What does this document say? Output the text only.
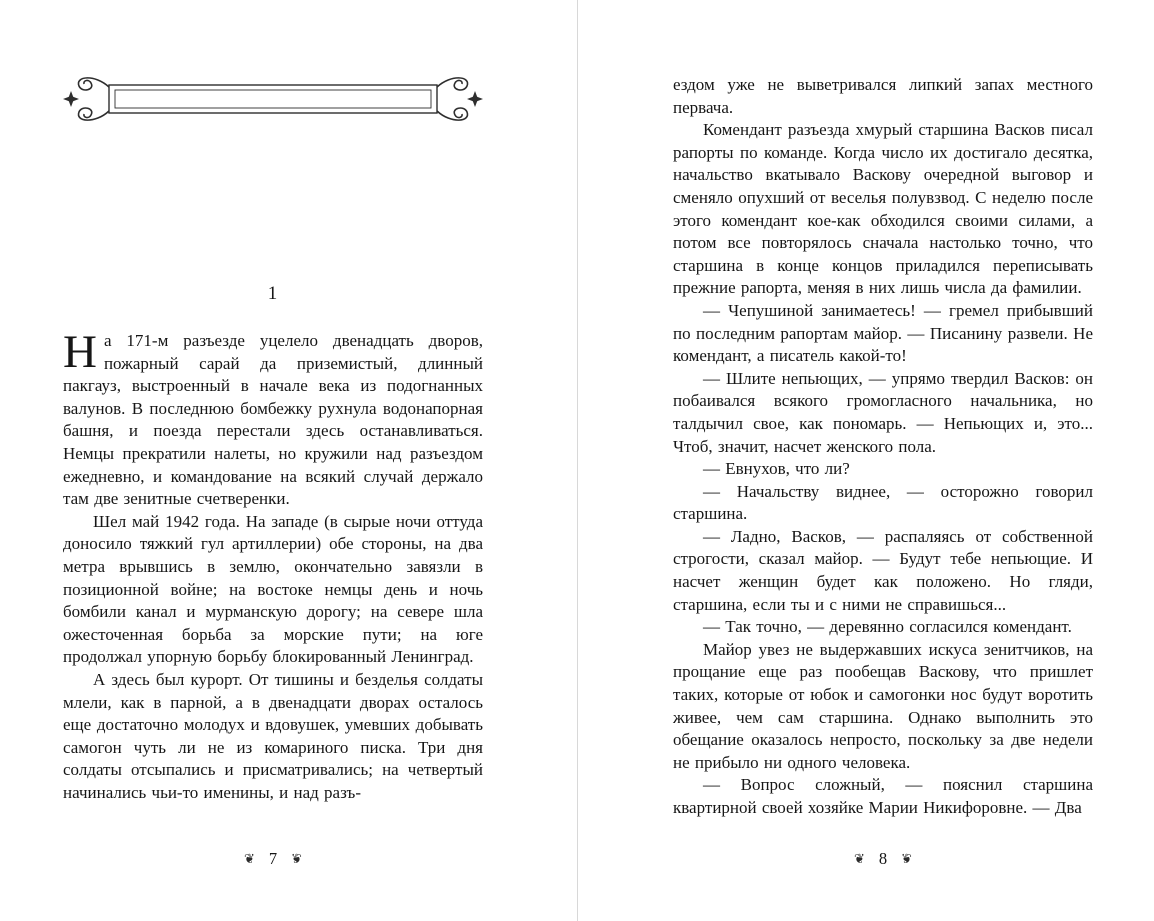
1

На 171-м разъезде уцелело двенадцать дворов, пожарный сарай да приземистый, длинный пакгауз, выстроенный в начале века из подогнанных валунов. В последнюю бомбежку рухнула водонапорная башня, и поезда перестали здесь останавливаться. Немцы прекратили налеты, но кружили над разъездом ежедневно, и командование на всякий случай держало там две зенитные счетверенки.

Шел май 1942 года. На западе (в сырые ночи оттуда доносило тяжкий гул артиллерии) обе стороны, на два метра врывшись в землю, окончательно завязли в позиционной войне; на востоке немцы день и ночь бомбили канал и мурманскую дорогу; на севере шла ожесточенная борьба за морские пути; на юге продолжал упорную борьбу блокированный Ленинград.

А здесь был курорт. От тишины и безделья солдаты млели, как в парной, а в двенадцати дворах осталось еще достаточно молодух и вдовушек, умевших добывать самогон чуть ли не из комариного писка. Три дня солдаты отсыпались и присматривались; на четвертый начинались чьи-то именины, и над разъ-

❦ 7 ❦

ездом уже не выветривался липкий запах местного первача.

Комендант разъезда хмурый старшина Васков писал рапорты по команде. Когда число их достигало десятка, начальство вкатывало Васкову очередной выговор и сменяло опухший от веселья полувзвод. С неделю после этого комендант кое-как обходился своими силами, а потом все повторялось сначала настолько точно, что старшина в конце концов приладился переписывать прежние рапорта, меняя в них лишь числа да фамилии.

— Чепушиной занимаетесь! — гремел прибывший по последним рапортам майор. — Писанину развели. Не комендант, а писатель какой-то!

— Шлите непьющих, — упрямо твердил Васков: он побаивался всякого громогласного начальника, но талдычил свое, как пономарь. — Непьющих и, это... Чтоб, значит, насчет женского пола.

— Евнухов, что ли?

— Начальству виднее, — осторожно говорил старшина.

— Ладно, Васков, — распаляясь от собственной строгости, сказал майор. — Будут тебе непьющие. И насчет женщин будет как положено. Но гляди, старшина, если ты и с ними не справишься...

— Так точно, — деревянно согласился комендант.

Майор увез не выдержавших искуса зенитчиков, на прощание еще раз пообещав Васкову, что пришлет таких, которые от юбок и самогонки нос будут воротить живее, чем сам старшина. Однако выполнить это обещание оказалось непросто, поскольку за две недели не прибыло ни одного человека.

— Вопрос сложный, — пояснил старшина квартирной своей хозяйке Марии Никифоровне. — Два

❦ 8 ❦
